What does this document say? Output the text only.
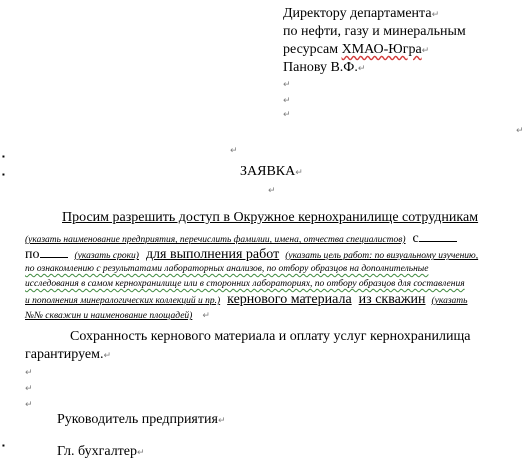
Директору департамента↵
по нефти, газу и минеральным
ресурсам ХМАО-Югра↵
Панову В.Ф.↵
↵
↵
↵
↵
▪
↵
▪	ЗАЯВКА↵
↵
Просим разрешить доступ в Окружное кернохранилище сотрудникам
(указать наименование предприятия, перечислить фамилии, имена, отчества специалистов) с
по	(указать сроки) для выполнения работ (указать цель работ: по визуальному изучению,
по ознакомлению с результатами лабораторных анализов, по отбору образцов на дополнительные
исследования в самом кернохранилище или в сторонних лабораториях, по отбору образцов для составления
и пополнения минералогических коллекций и пр.) кернового материала из скважин (указать
№№ скважин и наименование площадей) ↵
Сохранность кернового материала и оплату услуг кернохранилища
гарантируем.↵
↵
↵
↵
Руководитель предприятия↵
▪	Гл. бухгалтер↵
